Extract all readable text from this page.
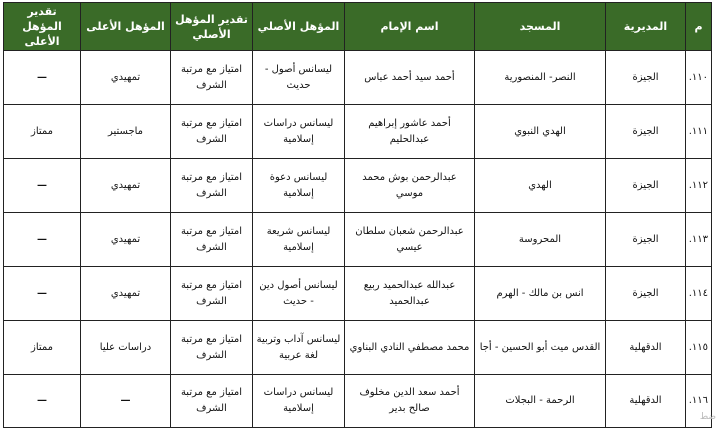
م	المديرية	المسجد	اسم الإمام	المؤهل الأصلي	تقدير المؤهل الأصلي	المؤهل الأعلى	تقدير المؤهل الأعلى
١١٠.	الجيزة	النصر- المنصورية	أحمد سيد أحمد عباس	ليسانس أصول - حديث	امتياز مع مرتبة الشرف	تمهيدي	—
١١١.	الجيزة	الهدي النبوي	أحمد عاشور إبراهيم عبدالحليم	ليسانس دراسات إسلامية	امتياز مع مرتبة الشرف	ماجستير	ممتاز
١١٢.	الجيزة	الهدي	عبدالرحمن بوش محمد موسي	ليسانس دعوة إسلامية	امتياز مع مرتبة الشرف	تمهيدي	—
١١٣.	الجيزة	المحروسة	عبدالرحمن شعبان سلطان عيسي	ليسانس شريعة إسلامية	امتياز مع مرتبة الشرف	تمهيدي	—
١١٤.	الجيزة	انس بن مالك - الهرم	عبدالله عبدالحميد ربيع عبدالحميد	ليسانس أصول دين - حديث	امتياز مع مرتبة الشرف	تمهيدي	—
١١٥.	الدقهلية	القدس ميت أبو الحسين - أجا	محمد مصطفي النادي البناوي	ليسانس آداب وتربية لغة عربية	امتياز مع مرتبة الشرف	دراسات عليا	ممتاز
١١٦.	الدقهلية	الرحمة - البجلات	أحمد سعد الدين مخلوف صالح بدير	ليسانس دراسات إسلامية	امتياز مع مرتبة الشرف	—	—
ضط
